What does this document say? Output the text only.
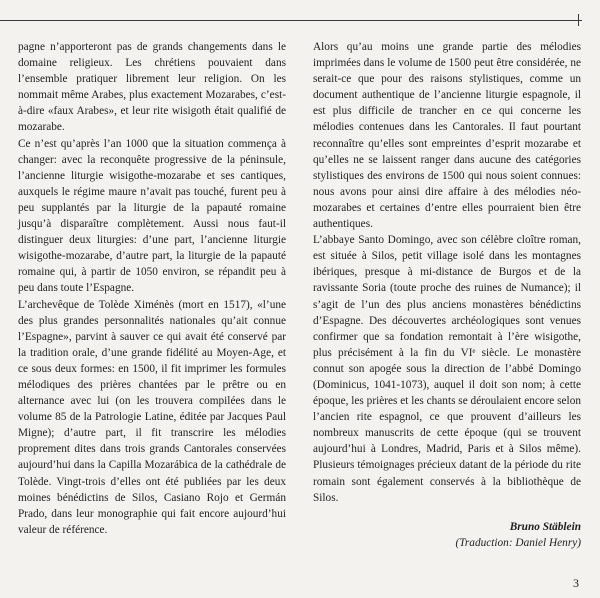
pagne n’apporteront pas de grands changements dans le domaine religieux. Les chrétiens pouvaient dans l’ensemble pratiquer librement leur religion. On les nommait même Arabes, plus exactement Mozarabes, c’est-à-dire «faux Arabes», et leur rite wisigoth était qualifié de mozarabe.

Ce n’est qu’après l’an 1000 que la situation commença à changer: avec la reconquête progressive de la péninsule, l’ancienne liturgie wisigothe-mozarabe et ses cantiques, auxquels le régime maure n’avait pas touché, furent peu à peu supplantés par la liturgie de la papauté romaine jusqu’à disparaître complètement. Aussi nous faut-il distinguer deux liturgies: d’une part, l’ancienne liturgie wisigothe-mozarabe, d’autre part, la liturgie de la papauté romaine qui, à partir de 1050 environ, se répandit peu à peu dans toute l’Espagne.

L’archevêque de Tolède Ximénès (mort en 1517), «l’une des plus grandes personnalités nationales qu’ait connue l’Espagne», parvint à sauver ce qui avait été conservé par la tradition orale, d’une grande fidélité au Moyen-Age, et ce sous deux formes: en 1500, il fit imprimer les formules mélodiques des prières chantées par le prêtre ou en alternance avec lui (on les trouvera compilées dans le volume 85 de la Patrologie Latine, éditée par Jacques Paul Migne); d’autre part, il fit transcrire les mélodies proprement dites dans trois grands Cantorales conservées aujourd’hui dans la Capilla Mozarábica de la cathédrale de Tolède. Vingt-trois d’elles ont été publiées par les deux moines bénédictins de Silos, Casiano Rojo et Germán Prado, dans leur monographie qui fait encore aujourd’hui valeur de référence.

Alors qu’au moins une grande partie des mélodies imprimées dans le volume de 1500 peut être considérée, ne serait-ce que pour des raisons stylistiques, comme un document authentique de l’ancienne liturgie espagnole, il est plus difficile de trancher en ce qui concerne les mélodies contenues dans les Cantorales. Il faut pourtant reconnaître qu’elles sont empreintes d’esprit mozarabe et qu’elles ne se laissent ranger dans aucune des catégories stylistiques des environs de 1500 qui nous soient connues: nous avons pour ainsi dire affaire à des mélodies néo-mozarabes et certaines d’entre elles pourraient bien être authentiques.

L’abbaye Santo Domingo, avec son célèbre cloître roman, est située à Silos, petit village isolé dans les montagnes ibériques, presque à mi-distance de Burgos et de la ravissante Soria (toute proche des ruines de Numance); il s’agit de l’un des plus anciens monastères bénédictins d’Espagne. Des découvertes archéologiques sont venues confirmer que sa fondation remontait à l’ère wisigothe, plus précisément à la fin du VIᵉ siècle. Le monastère connut son apogée sous la direction de l’abbé Domingo (Dominicus, 1041-1073), auquel il doit son nom; à cette époque, les prières et les chants se déroulaient encore selon l’ancien rite espagnol, ce que prouvent d’ailleurs les nombreux manuscrits de cette époque (qui se trouvent aujourd’hui à Londres, Madrid, Paris et à Silos même). Plusieurs témoignages précieux datant de la période du rite romain sont également conservés à la bibliothèque de Silos.

Bruno Stäblein
(Traduction: Daniel Henry)
3
